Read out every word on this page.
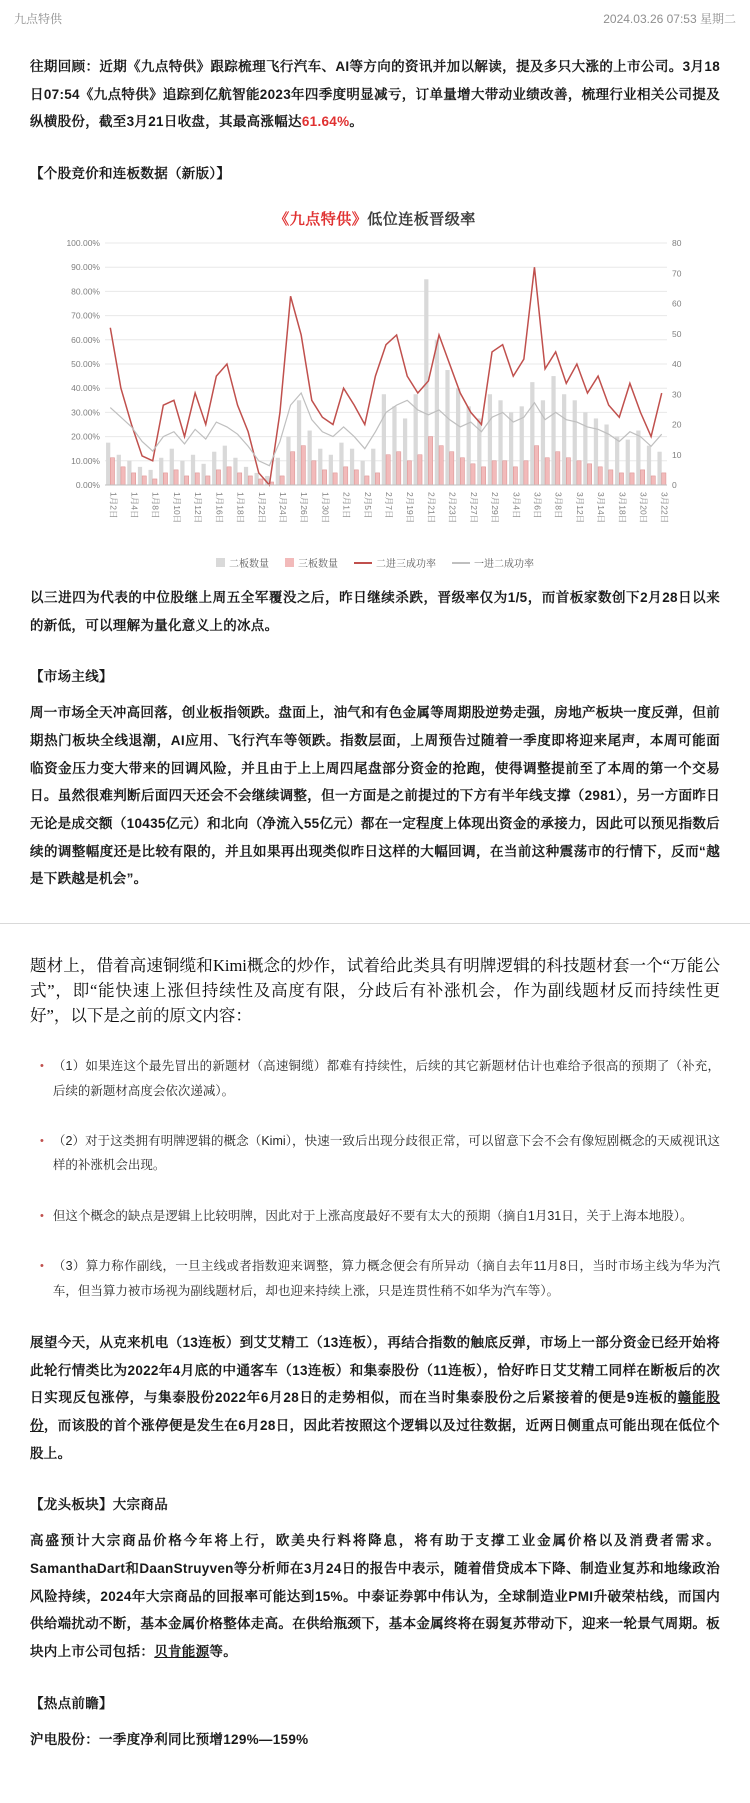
九点特供	2024.03.26 07:53 星期二

往期回顾：近期《九点特供》跟踪梳理飞行汽车、AI等方向的资讯并加以解读，提及多只大涨的上市公司。3月18日07:54《九点特供》追踪到亿航智能2023年四季度明显减亏，订单量增大带动业绩改善，梳理行业相关公司提及纵横股份，截至3月21日收盘，其最高涨幅达61.64%。

【个股竞价和连板数据（新版）】
《九点特供》低位连板晋级率
0.00%
10.00%
20.00%
30.00%
40.00%
50.00%
60.00%
70.00%
80.00%
90.00%
100.00%
0
10
20
30
40
50
60
70
80
1月2日 1月4日 1月8日 1月10日 1月12日 1月16日 1月18日 1月22日 1月24日 1月26日 1月30日 2月1日 2月5日 2月7日 2月19日 2月21日 2月23日 2月27日 2月29日 3月4日 3月6日 3月8日 3月12日 3月14日 3月18日 3月20日 3月22日
二板数量	三板数量	二进三成功率	一进二成功率

以三进四为代表的中位股继上周五全军覆没之后，昨日继续杀跌，晋级率仅为1/5，而首板家数创下2月28日以来的新低，可以理解为量化意义上的冰点。

【市场主线】

周一市场全天冲高回落，创业板指领跌。盘面上，油气和有色金属等周期股逆势走强，房地产板块一度反弹，但前期热门板块全线退潮，AI应用、飞行汽车等领跌。指数层面，上周预告过随着一季度即将迎来尾声，本周可能面临资金压力变大带来的回调风险，并且由于上上周四尾盘部分资金的抢跑，使得调整提前至了本周的第一个交易日。虽然很难判断后面四天还会不会继续调整，但一方面是之前提过的下方有半年线支撑（2981），另一方面昨日无论是成交额（10435亿元）和北向（净流入55亿元）都在一定程度上体现出资金的承接力，因此可以预见指数后续的调整幅度还是比较有限的，并且如果再出现类似昨日这样的大幅回调，在当前这种震荡市的行情下，反而“越是下跌越是机会”。

题材上，借着高速铜缆和Kimi概念的炒作，试着给此类具有明牌逻辑的科技题材套一个“万能公式”，即“能快速上涨但持续性及高度有限，分歧后有补涨机会，作为副线题材反而持续性更好”，以下是之前的原文内容：
• （1）如果连这个最先冒出的新题材（高速铜缆）都难有持续性，后续的其它新题材估计也难给予很高的预期了（补充，后续的新题材高度会依次递减）。
• （2）对于这类拥有明牌逻辑的概念（Kimi），快速一致后出现分歧很正常，可以留意下会不会有像短剧概念的天威视讯这样的补涨机会出现。
• 但这个概念的缺点是逻辑上比较明牌，因此对于上涨高度最好不要有太大的预期（摘自1月31日，关于上海本地股）。
• （3）算力称作副线，一旦主线或者指数迎来调整，算力概念便会有所异动（摘自去年11月8日，当时市场主线为华为汽车，但当算力被市场视为副线题材后，却也迎来持续上涨，只是连贯性稍不如华为汽车等）。

展望今天，从克来机电（13连板）到艾艾精工（13连板），再结合指数的触底反弹，市场上一部分资金已经开始将此轮行情类比为2022年4月底的中通客车（13连板）和集泰股份（11连板），恰好昨日艾艾精工同样在断板后的次日实现反包涨停，与集泰股份2022年6月28日的走势相似，而在当时集泰股份之后紧接着的便是9连板的赣能股份，而该股的首个涨停便是发生在6月28日，因此若按照这个逻辑以及过往数据，近两日侧重点可能出现在低位个股上。

【龙头板块】大宗商品

高盛预计大宗商品价格今年将上行，欧美央行料将降息，将有助于支撑工业金属价格以及消费者需求。SamanthaDart和DaanStruyven等分析师在3月24日的报告中表示，随着借贷成本下降、制造业复苏和地缘政治风险持续，2024年大宗商品的回报率可能达到15%。中泰证券郭中伟认为，全球制造业PMI升破荣枯线，而国内供给端扰动不断，基本金属价格整体走高。在供给瓶颈下，基本金属终将在弱复苏带动下，迎来一轮景气周期。板块内上市公司包括：贝肯能源等。

【热点前瞻】

沪电股份：一季度净利同比预增129%—159%
